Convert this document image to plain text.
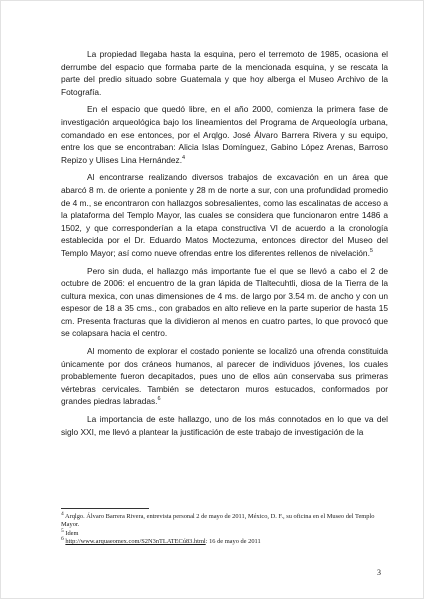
La propiedad llegaba hasta la esquina, pero el terremoto de 1985, ocasiona el derrumbe del espacio que formaba parte de la mencionada esquina, y se rescata la parte del predio situado sobre Guatemala y que hoy alberga el Museo Archivo de la Fotografía.

En el espacio que quedó libre, en el año 2000, comienza la primera fase de investigación arqueológica bajo los lineamientos del Programa de Arqueología urbana, comandado en ese entonces, por el Arqlgo. José Álvaro Barrera Rivera y su equipo, entre los que se encontraban: Alicia Islas Domínguez, Gabino López Arenas, Barroso Repizo y Ulises Lina Hernández.$^4$

Al encontrarse realizando diversos trabajos de excavación en un área que abarcó 8 m. de oriente a poniente y 28 m de norte a sur, con una profundidad promedio de 4 m., se encontraron con hallazgos sobresalientes, como las escalinatas de acceso a la plataforma del Templo Mayor, las cuales se considera que funcionaron entre 1486 a 1502, y que corresponderían a la etapa constructiva VI de acuerdo a la cronología establecida por el Dr. Eduardo Matos Moctezuma, entonces director del Museo del Templo Mayor; así como nueve ofrendas entre los diferentes rellenos de nivelación.$^5$

Pero sin duda, el hallazgo más importante fue el que se llevó a cabo el 2 de octubre de 2006: el encuentro de la gran lápida de Tlaltecuhtli, diosa de la Tierra de la cultura mexica, con unas dimensiones de 4 ms. de largo por 3.54 m. de ancho y con un espesor de 18 a 35 cms., con grabados en alto relieve en la parte superior de hasta 15 cm. Presenta fracturas que la dividieron al menos en cuatro partes, lo que provocó que se colapsara hacia el centro.

Al momento de explorar el costado poniente se localizó una ofrenda constituida únicamente por dos cráneos humanos, al parecer de individuos jóvenes, los cuales probablemente fueron decapitados, pues uno de ellos aún conservaba sus primeras vértebras cervicales. También se detectaron muros estucados, conformados por grandes piedras labradas.$^6$

La importancia de este hallazgo, uno de los más connotados en lo que va del siglo XXI, me llevó a plantear la justificación de este trabajo de investigación de la

$^4$ Arqlgo. Álvaro Barrera Rivera, entrevista personal 2 de mayo de 2011, México, D. F., su oficina en el Museo del Templo Mayor.

$^5$ Idem

$^6$ http://www.arquaeomex.com/S2N3nTLATECú83.html: 16 de mayo de 2011

3
